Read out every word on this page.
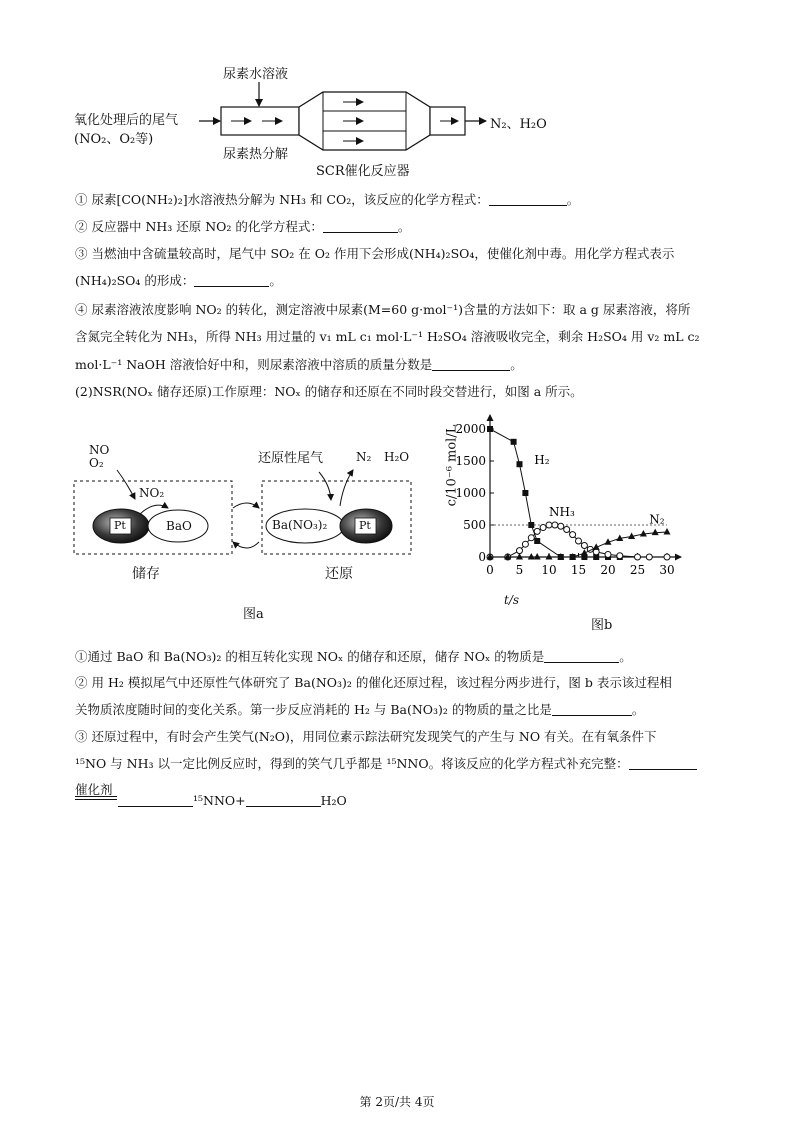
尿素水溶液
氧化处理后的尾气
(NO₂、O₂等)
尿素热分解
SCR催化反应器
N₂、H₂O
① 尿素[CO(NH₂)₂]水溶液热分解为 NH₃ 和 CO₂，该反应的化学方程式：	。
② 反应器中 NH₃ 还原 NO₂ 的化学方程式：	。
③ 当燃油中含硫量较高时，尾气中 SO₂ 在 O₂ 作用下会形成(NH₄)₂SO₄，使催化剂中毒。用化学方程式表示
(NH₄)₂SO₄ 的形成：	。
④ 尿素溶液浓度影响 NO₂ 的转化，测定溶液中尿素(M=60 g·mol⁻¹)含量的方法如下：取 a g 尿素溶液，将所
含氮完全转化为 NH₃，所得 NH₃ 用过量的 v₁ mL c₁ mol·L⁻¹ H₂SO₄ 溶液吸收完全，剩余 H₂SO₄ 用 v₂ mL c₂
mol·L⁻¹ NaOH 溶液恰好中和，则尿素溶液中溶质的质量分数是	。
(2)NSR(NOₓ 储存还原)工作原理：NOₓ 的储存和还原在不同时段交替进行，如图 a 所示。
NO
O₂
NO₂
Pt	BaO
储存
还原性尾气	N₂ H₂O
Ba(NO₃)₂	Pt
还原
图a
0 5 10 15 20 25 30
0
500
1000
1500
2000
H₂
NH₃
N₂
t/s
图b
c/10⁻⁶ mol/L
①通过 BaO 和 Ba(NO₃)₂ 的相互转化实现 NOₓ 的储存和还原，储存 NOₓ 的物质是	。
② 用 H₂ 模拟尾气中还原性气体研究了 Ba(NO₃)₂ 的催化还原过程，该过程分两步进行，图 b 表示该过程相
关物质浓度随时间的变化关系。第一步反应消耗的 H₂ 与 Ba(NO₃)₂ 的物质的量之比是	。
③ 还原过程中，有时会产生笑气(N₂O)，用同位素示踪法研究发现笑气的产生与 NO 有关。在有氧条件下
¹⁵NO 与 NH₃ 以一定比例反应时，得到的笑气几乎都是 ¹⁵NNO。将该反应的化学方程式补充完整：
催化剂
¹⁵NNO+	H₂O
第 2页/共 4页
